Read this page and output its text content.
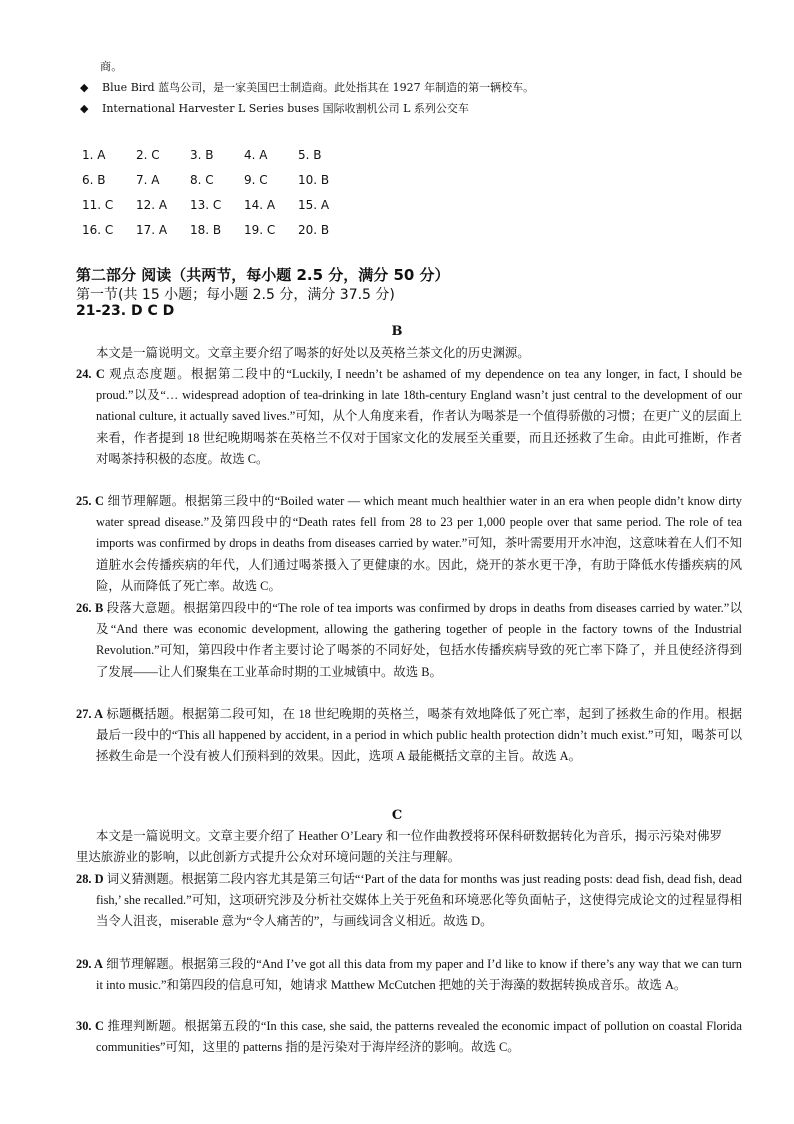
商。
◆ Blue Bird 蓝鸟公司，是一家美国巴士制造商。此处指其在 1927 年制造的第一辆校车。
◆ International Harvester L Series buses 国际收割机公司 L 系列公交车
1. A	2. C	3. B	4. A	5. B
6. B	7. A	8. C	9. C	10. B
11. C	12. A	13. C	14. A	15. A
16. C	17. A	18. B	19. C	20. B
第二部分 阅读（共两节，每小题 2.5 分，满分 50 分）
第一节(共 15 小题；每小题 2.5 分，满分 37.5 分)
21-23. D C D
B
本文是一篇说明文。文章主要介绍了喝茶的好处以及英格兰茶文化的历史渊源。
24. C 观点态度题。根据第二段中的“Luckily, I needn’t be ashamed of my dependence on tea any longer, in fact, I should be proud.”以及“… widespread adoption of tea-drinking in late 18th-century England wasn’t just central to the development of our national culture, it actually saved lives.”可知，从个人角度来看，作者认为喝茶是一个值得骄傲的习惯；在更广义的层面上来看，作者提到 18 世纪晚期喝茶在英格兰不仅对于国家文化的发展至关重要，而且还拯救了生命。由此可推断，作者对喝茶持积极的态度。故选 C。
25. C 细节理解题。根据第三段中的“Boiled water — which meant much healthier water in an era when people didn’t know dirty water spread disease.”及第四段中的“Death rates fell from 28 to 23 per 1,000 people over that same period. The role of tea imports was confirmed by drops in deaths from diseases carried by water.”可知，茶叶需要用开水冲泡，这意味着在人们不知道脏水会传播疾病的年代，人们通过喝茶摄入了更健康的水。因此，烧开的茶水更干净，有助于降低水传播疾病的风险，从而降低了死亡率。故选 C。
26. B 段落大意题。根据第四段中的“The role of tea imports was confirmed by drops in deaths from diseases carried by water.”以及“And there was economic development, allowing the gathering together of people in the factory towns of the Industrial Revolution.”可知，第四段中作者主要讨论了喝茶的不同好处，包括水传播疾病导致的死亡率下降了，并且使经济得到了发展——让人们聚集在工业革命时期的工业城镇中。故选 B。
27. A 标题概括题。根据第二段可知，在 18 世纪晚期的英格兰，喝茶有效地降低了死亡率，起到了拯救生命的作用。根据最后一段中的“This all happened by accident, in a period in which public health protection didn’t much exist.”可知，喝茶可以拯救生命是一个没有被人们预料到的效果。因此，选项 A 最能概括文章的主旨。故选 A。
C
本文是一篇说明文。文章主要介绍了 Heather O’Leary 和一位作曲教授将环保科研数据转化为音乐，揭示污染对佛罗里达旅游业的影响，以此创新方式提升公众对环境问题的关注与理解。
28. D 词义猜测题。根据第二段内容尤其是第三句话“‘Part of the data for months was just reading posts: dead fish, dead fish, dead fish,’ she recalled.”可知，这项研究涉及分析社交媒体上关于死鱼和环境恶化等负面帖子，这使得完成论文的过程显得相当令人沮丧，miserable 意为“令人痛苦的”，与画线词含义相近。故选 D。
29. A 细节理解题。根据第三段的“And I’ve got all this data from my paper and I’d like to know if there’s any way that we can turn it into music.”和第四段的信息可知，她请求 Matthew McCutchen 把她的关于海藻的数据转换成音乐。故选 A。
30. C 推理判断题。根据第五段的“In this case, she said, the patterns revealed the economic impact of pollution on coastal Florida communities”可知，这里的 patterns 指的是污染对于海岸经济的影响。故选 C。
